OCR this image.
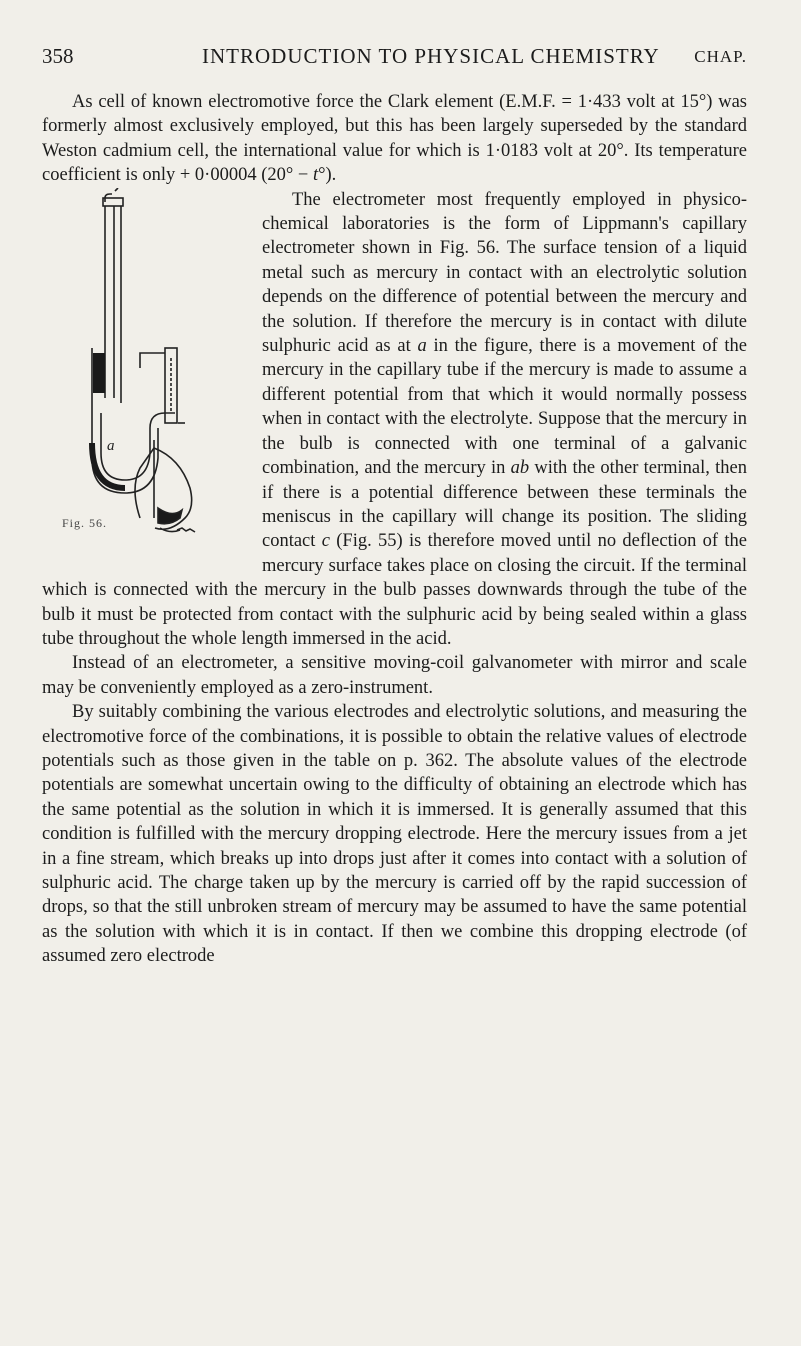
358	INTRODUCTION TO PHYSICAL CHEMISTRY CHAP.

As cell of known electromotive force the Clark element (E.M.F. = 1·433 volt at 15°) was formerly almost exclusively employed, but this has been largely superseded by the standard Weston cadmium cell, the international value for which is 1·0183 volt at 20°. Its temperature coefficient is only + 0·00004 (20° − t°).

a
Fig. 56.

The electrometer most frequently employed in physico-chemical laboratories is the form of Lippmann's capillary electrometer shown in Fig. 56. The surface tension of a liquid metal such as mercury in contact with an electrolytic solution depends on the difference of potential between the mercury and the solution. If therefore the mercury is in contact with dilute sulphuric acid as at a in the figure, there is a movement of the mercury in the capillary tube if the mercury is made to assume a different potential from that which it would normally possess when in contact with the electrolyte. Suppose that the mercury in the bulb is connected with one terminal of a galvanic combination, and the mercury in ab with the other terminal, then if there is a potential difference between these terminals the meniscus in the capillary will change its position. The sliding contact c (Fig. 55) is therefore moved until no deflection of the mercury surface takes place on closing the circuit. If the terminal which is connected with the mercury in the bulb passes downwards through the tube of the bulb it must be protected from contact with the sulphuric acid by being sealed within a glass tube throughout the whole length immersed in the acid.

Instead of an electrometer, a sensitive moving-coil galvanometer with mirror and scale may be conveniently employed as a zero-instrument.

By suitably combining the various electrodes and electrolytic solutions, and measuring the electromotive force of the combinations, it is possible to obtain the relative values of electrode potentials such as those given in the table on p. 362. The absolute values of the electrode potentials are somewhat uncertain owing to the difficulty of obtaining an electrode which has the same potential as the solution in which it is immersed. It is generally assumed that this condition is fulfilled with the mercury dropping electrode. Here the mercury issues from a jet in a fine stream, which breaks up into drops just after it comes into contact with a solution of sulphuric acid. The charge taken up by the mercury is carried off by the rapid succession of drops, so that the still unbroken stream of mercury may be assumed to have the same potential as the solution with which it is in contact. If then we combine this dropping electrode (of assumed zero electrode
